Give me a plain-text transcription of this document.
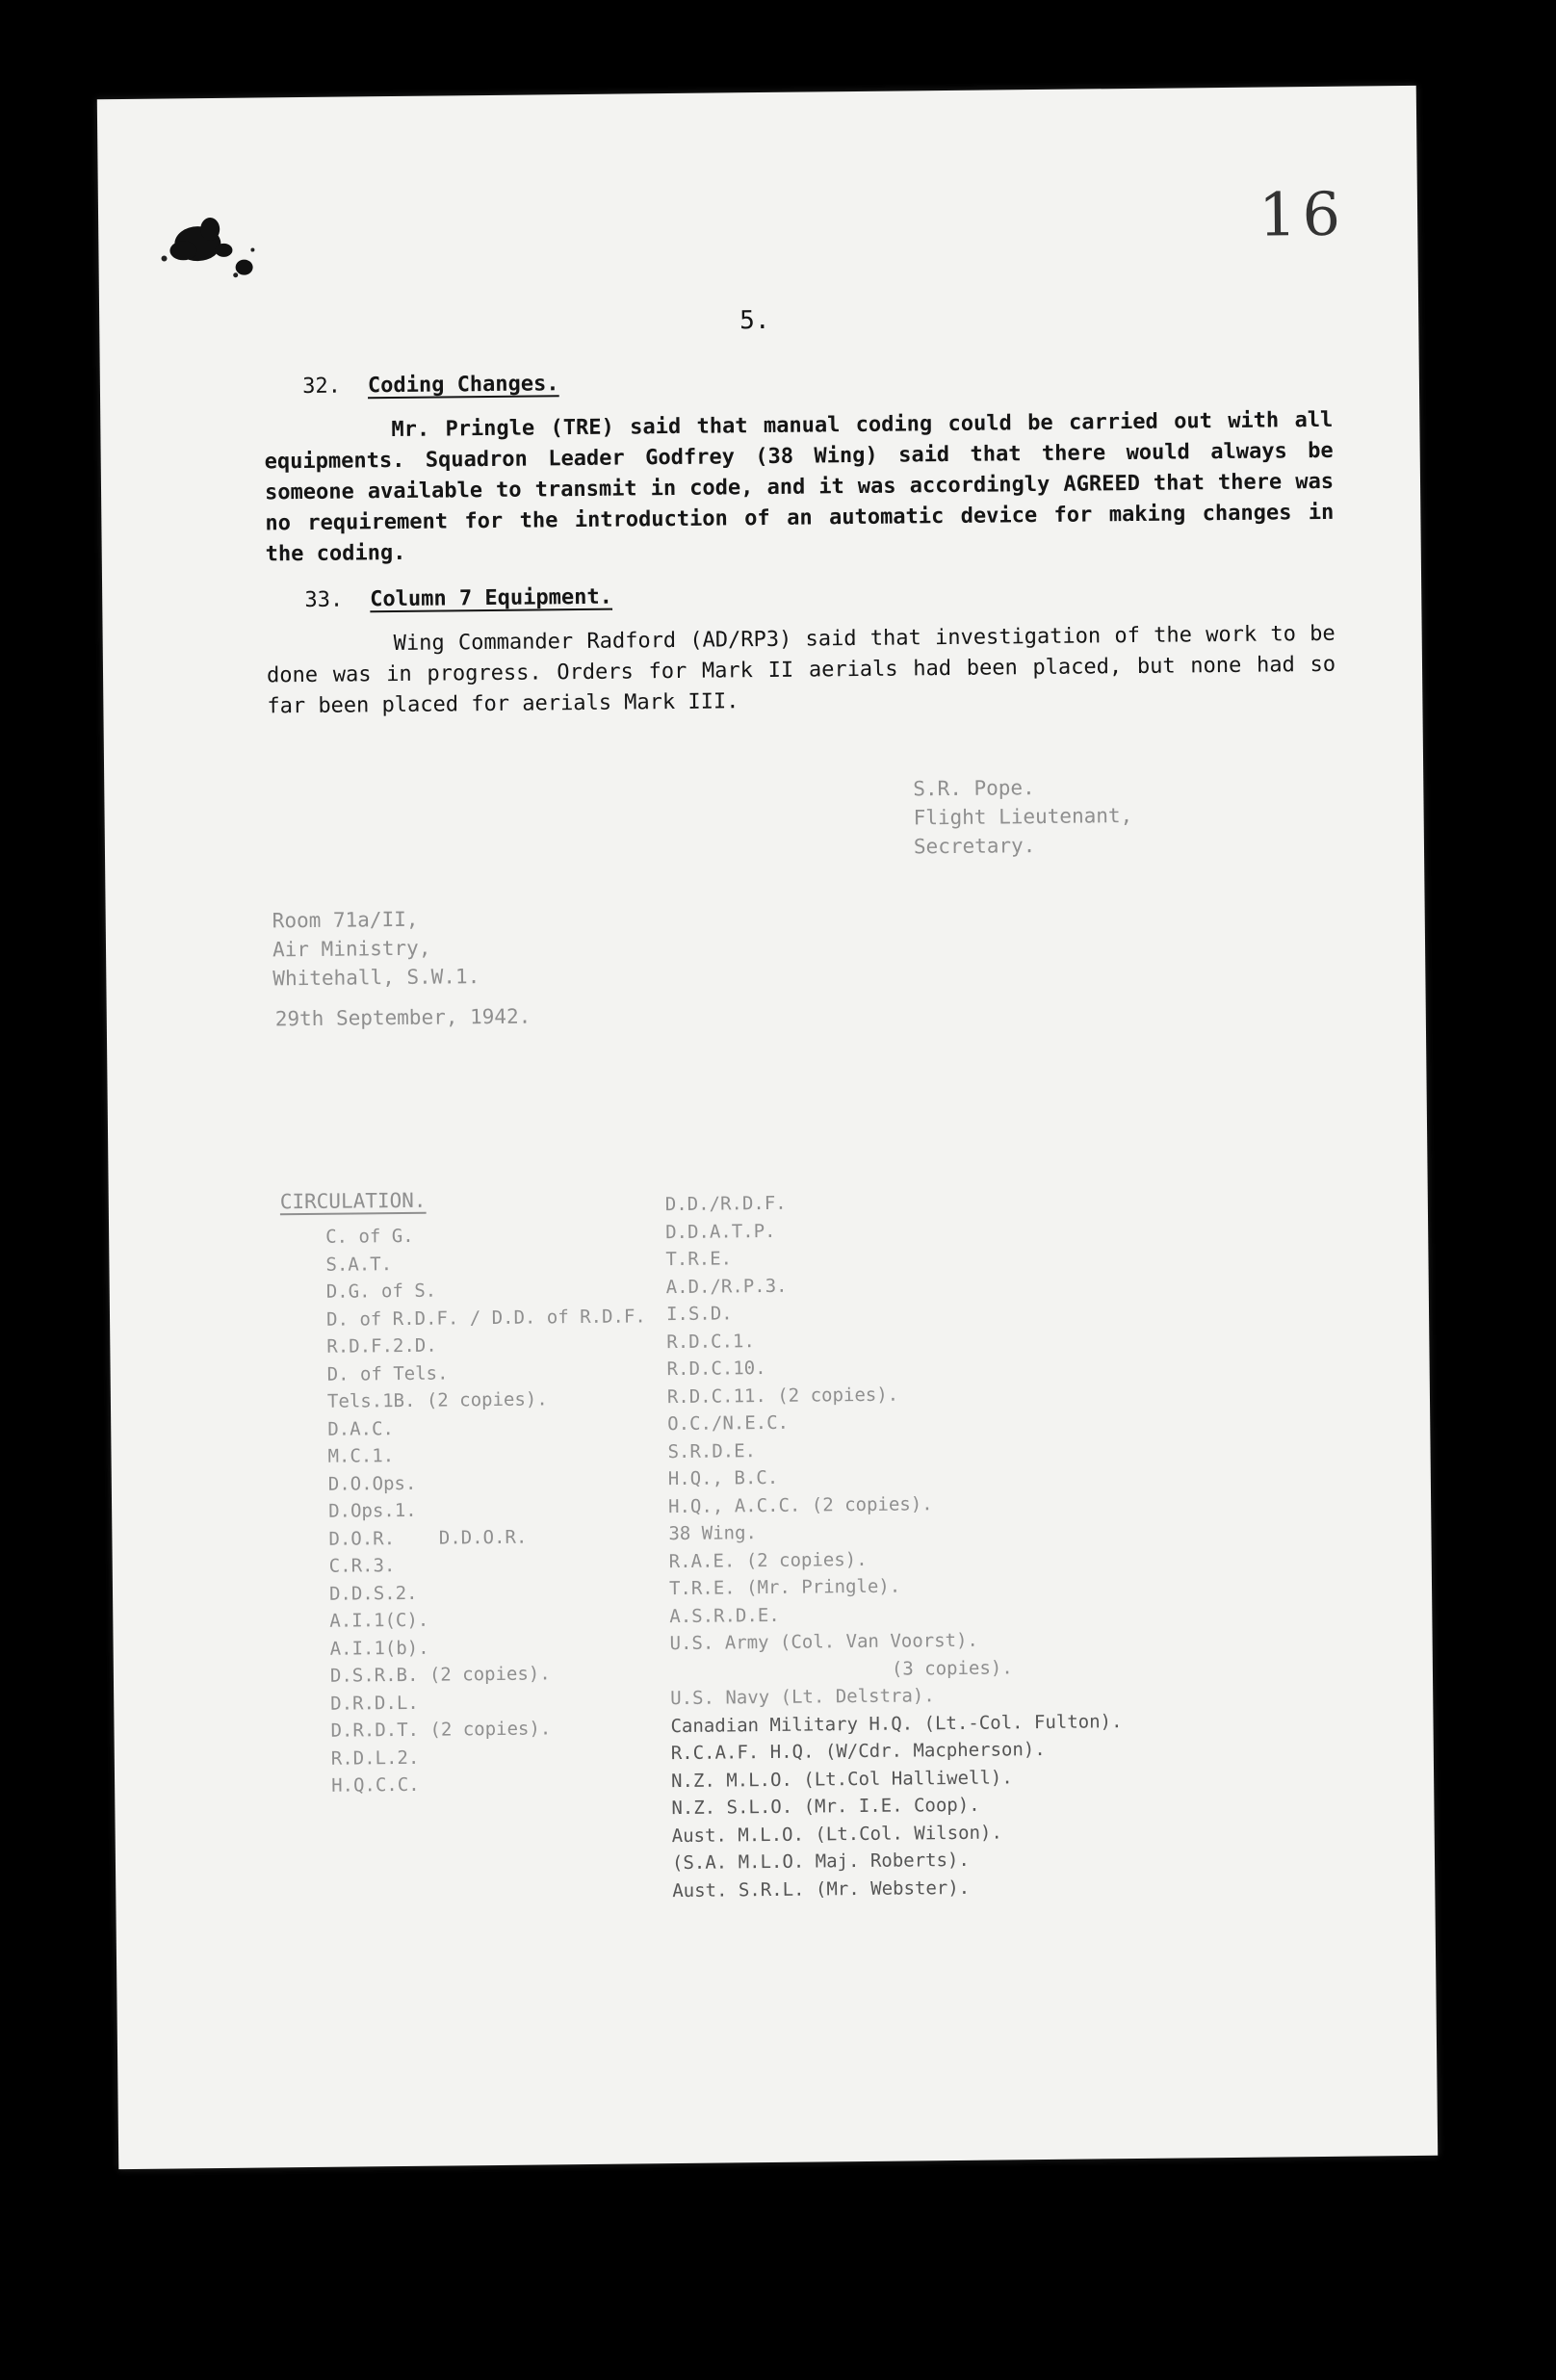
16
5.
32. Coding Changes.

Mr. Pringle (TRE) said that manual coding could be carried out with all equipments. Squadron Leader Godfrey (38 Wing) said that there would always be someone available to transmit in code, and it was accordingly AGREED that there was no requirement for the introduction of an automatic device for making changes in the coding.

33. Column 7 Equipment.

Wing Commander Radford (AD/RP3) said that investigation of the work to be done was in progress. Orders for Mark II aerials had been placed, but none had so far been placed for aerials Mark III.

S.R. Pope.
Flight Lieutenant,
Secretary.
Room 71a/II,
Air Ministry,
Whitehall, S.W.1.
29th September, 1942.
CIRCULATION.
C. of G.
S.A.T.
D.G. of S.
D. of R.D.F. / D.D. of R.D.F.
R.D.F.2.D.
D. of Tels.
Tels.1B. (2 copies).
D.A.C.
M.C.1.
D.O.Ops.
D.Ops.1.
D.O.R.    D.D.O.R.
C.R.3.
D.D.S.2.
A.I.1(C).
A.I.1(b).
D.S.R.B. (2 copies).
D.R.D.L.
D.R.D.T. (2 copies).
R.D.L.2.
H.Q.C.C.
D.D./R.D.F.
D.D.A.T.P.
T.R.E.
A.D./R.P.3.
I.S.D.
R.D.C.1.
R.D.C.10.
R.D.C.11. (2 copies).
O.C./N.E.C.
S.R.D.E.
H.Q., B.C.
H.Q., A.C.C. (2 copies).
38 Wing.
R.A.E. (2 copies).
T.R.E. (Mr. Pringle).
A.S.R.D.E.
U.S. Army (Col. Van Voorst).
(3 copies).
U.S. Navy (Lt. Delstra).
Canadian Military H.Q. (Lt.-Col. Fulton).
R.C.A.F. H.Q. (W/Cdr. Macpherson).
N.Z. M.L.O. (Lt.Col Halliwell).
N.Z. S.L.O. (Mr. I.E. Coop).
Aust. M.L.O. (Lt.Col. Wilson).
(S.A. M.L.O. Maj. Roberts).
Aust. S.R.L. (Mr. Webster).
